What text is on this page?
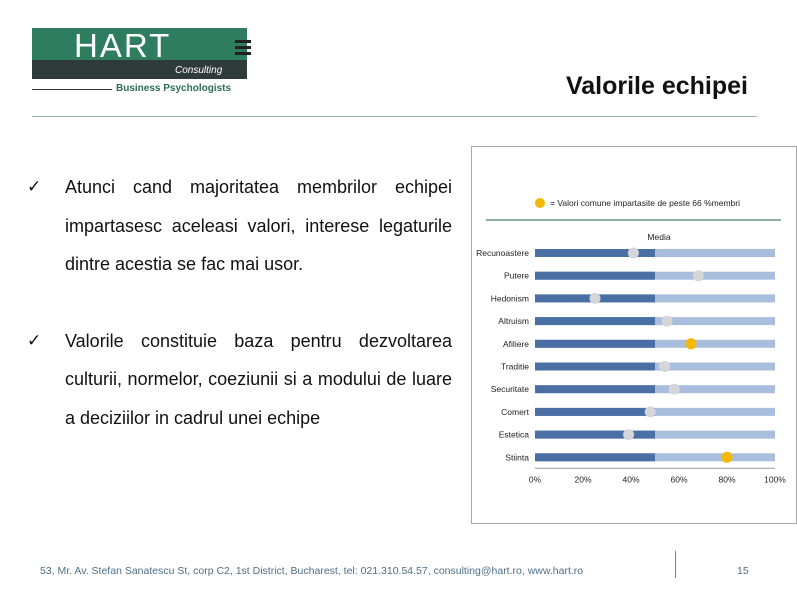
HART
Consulting
Business Psychologists	Valorile echipei
✓ Atunci cand majoritatea membrilor echipei impartasesc aceleasi valori, interese legaturile dintre acestia se fac mai usor.
✓ Valorile constituie baza pentru dezvoltarea culturii, normelor, coeziunii si a modului de luare a deciziilor in cadrul unei echipe
= Valori comune impartasite de peste 66 %membri
Media
Recunoastere
Putere
Hedonism
Altruism
Afiliere
Traditie
Securitate
Comert
Estetica
Stiinta
0%	20%	40%	60%	80%	100%
53, Mr. Av. Stefan Sanatescu St, corp C2, 1st District, Bucharest, tel: 021.310.54.57, consulting@hart.ro, www.hart.ro	15
